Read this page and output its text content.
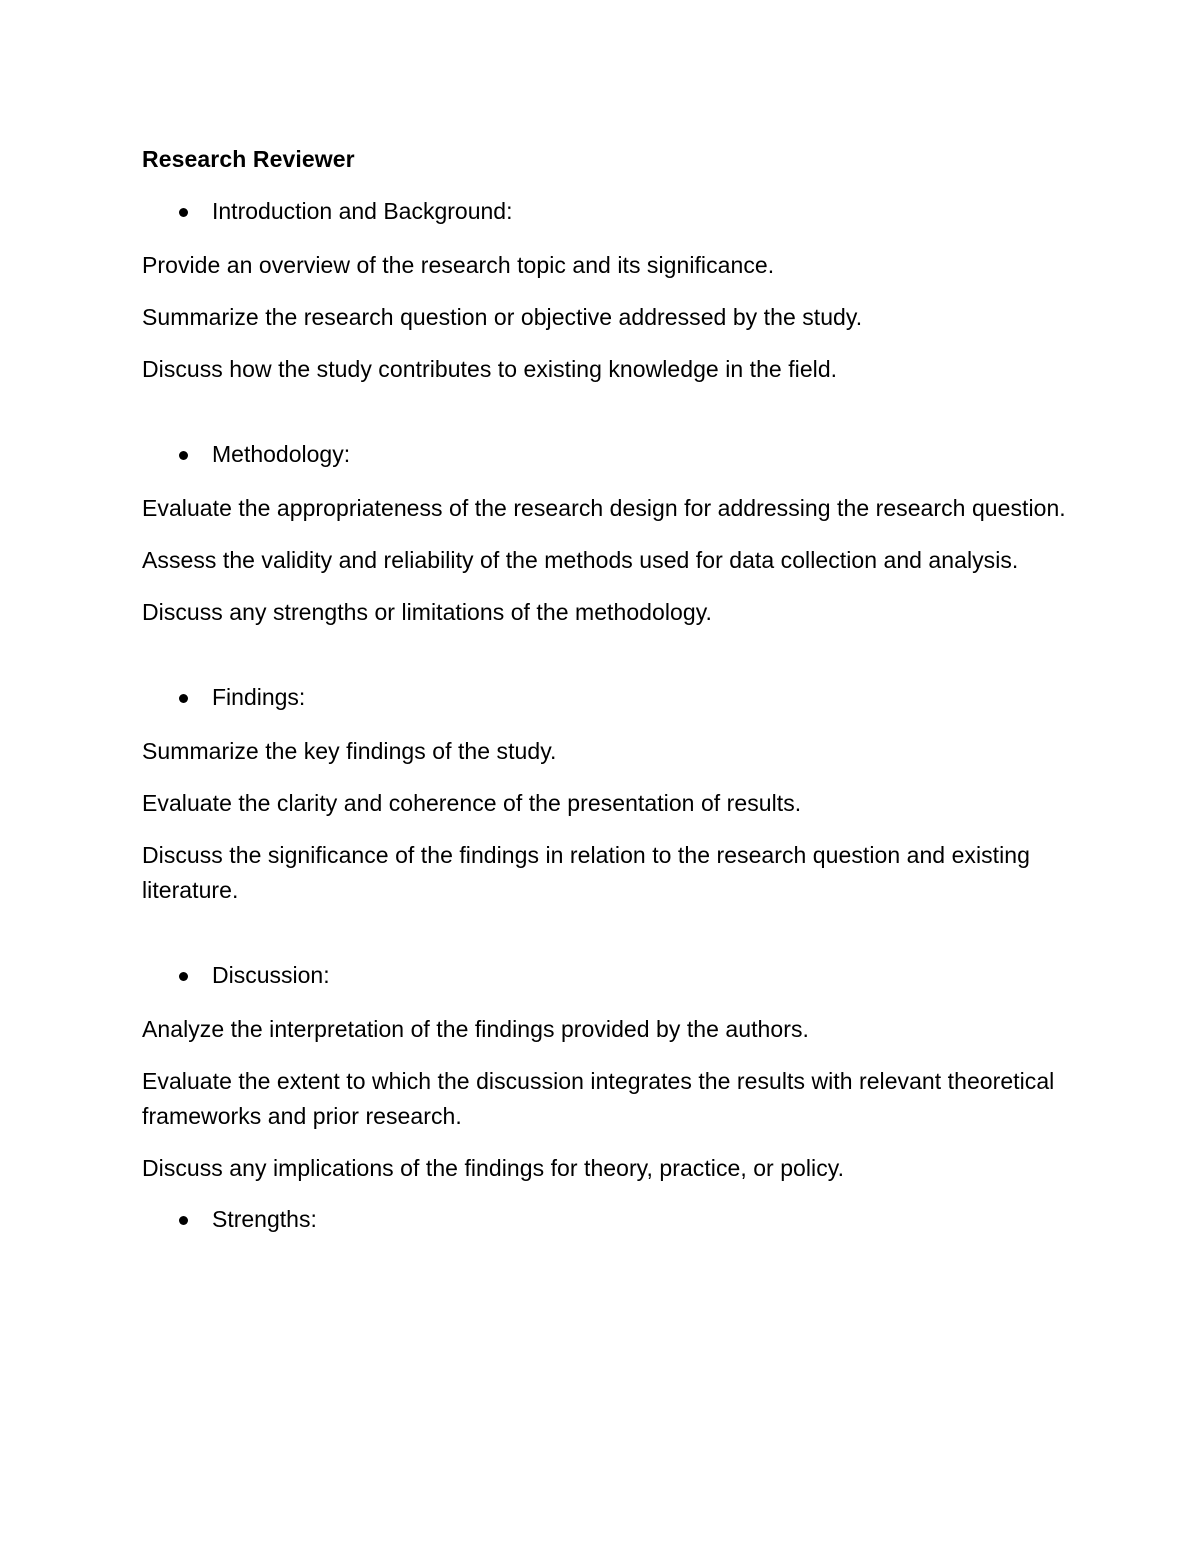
Research Reviewer
Introduction and Background:
Provide an overview of the research topic and its significance.
Summarize the research question or objective addressed by the study.
Discuss how the study contributes to existing knowledge in the field.
Methodology:
Evaluate the appropriateness of the research design for addressing the research question.
Assess the validity and reliability of the methods used for data collection and analysis.
Discuss any strengths or limitations of the methodology.
Findings:
Summarize the key findings of the study.
Evaluate the clarity and coherence of the presentation of results.
Discuss the significance of the findings in relation to the research question and existing literature.
Discussion:
Analyze the interpretation of the findings provided by the authors.
Evaluate the extent to which the discussion integrates the results with relevant theoretical frameworks and prior research.
Discuss any implications of the findings for theory, practice, or policy.
Strengths:
